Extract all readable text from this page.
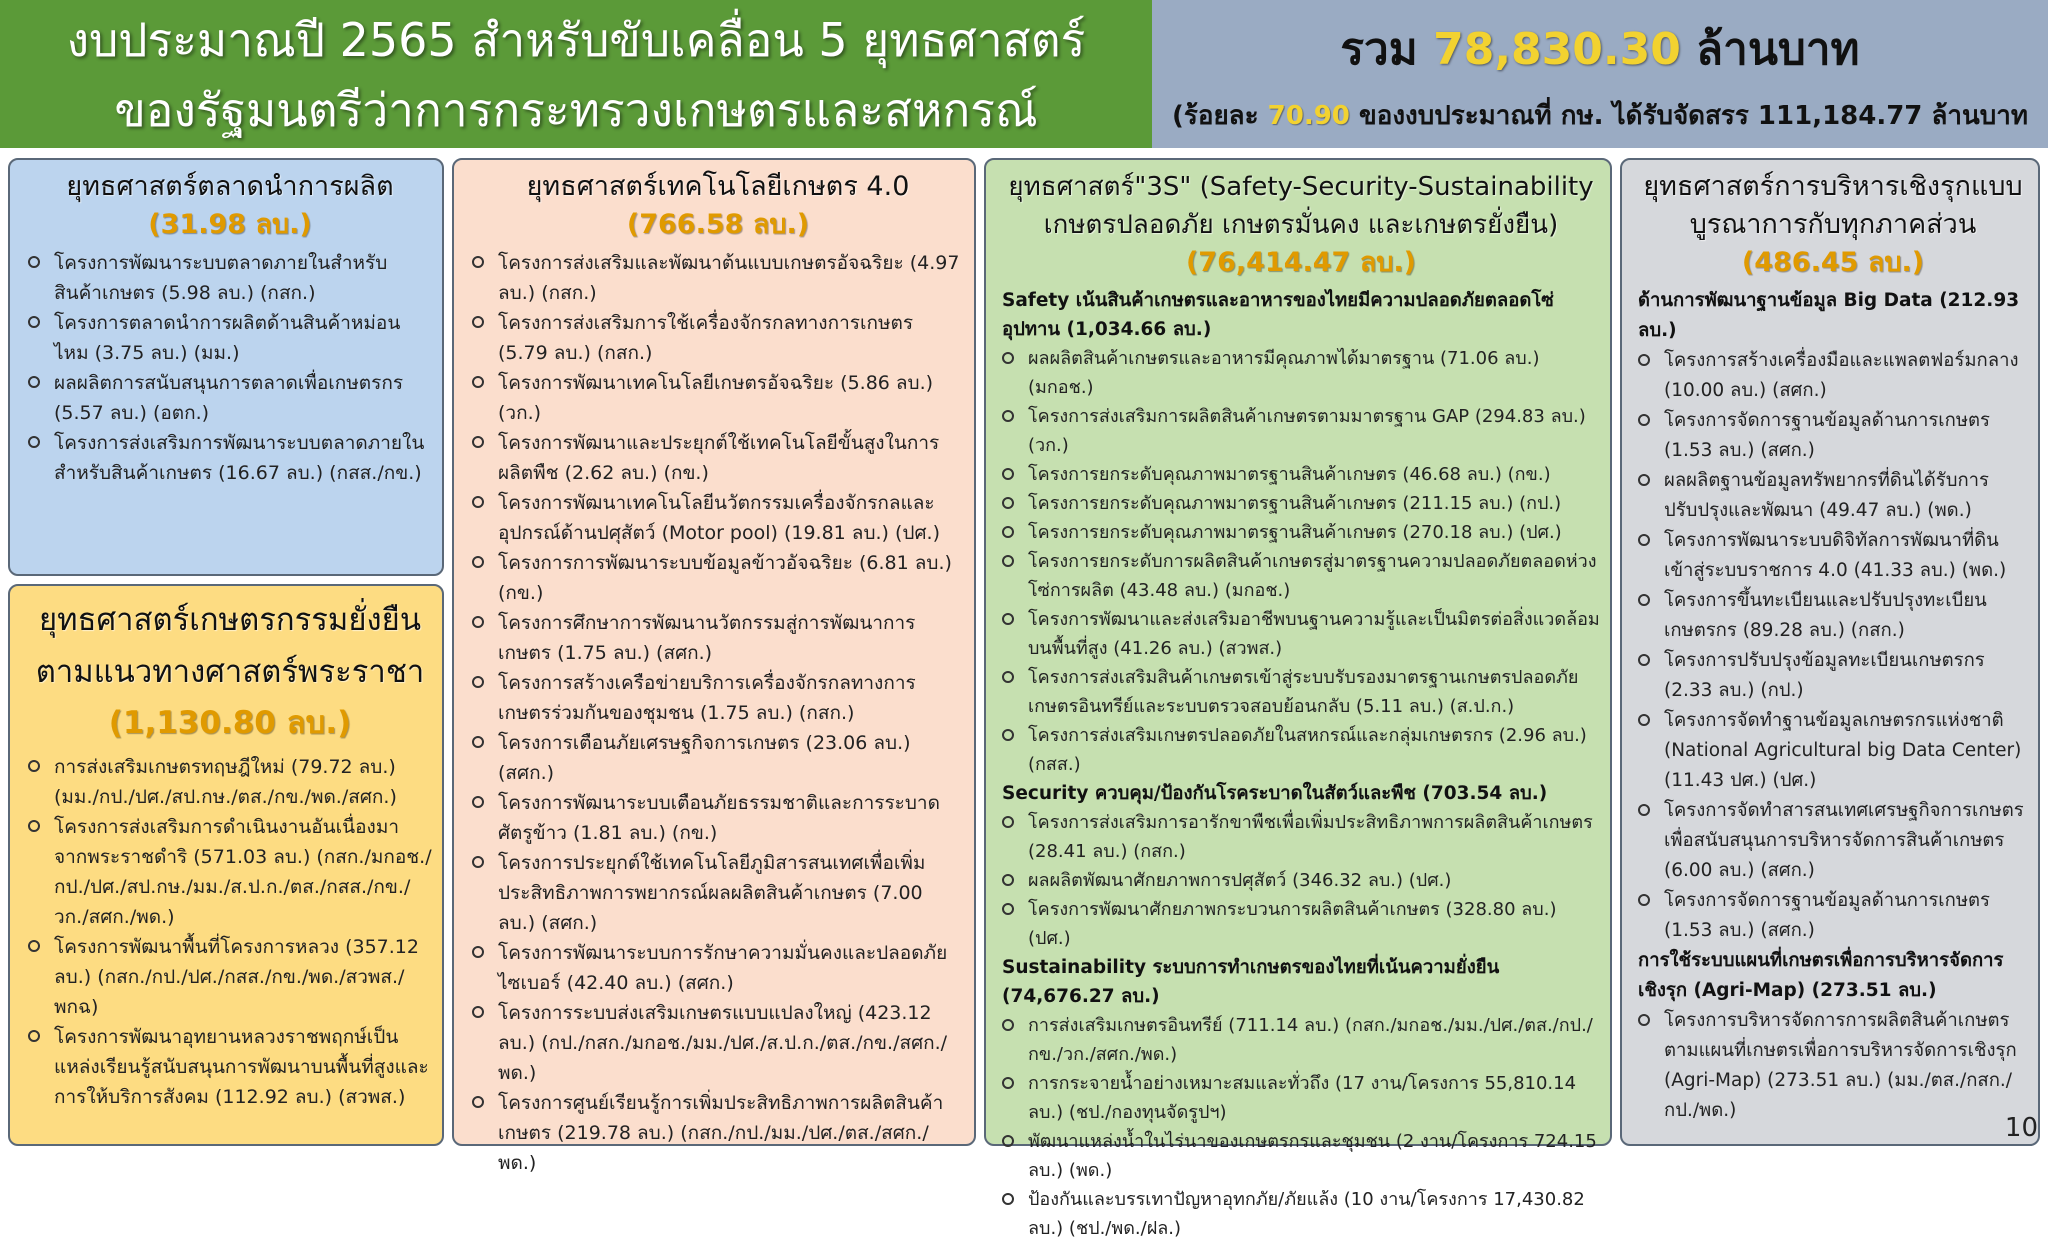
งบประมาณปี 2565 สำหรับขับเคลื่อน 5 ยุทธศาสตร์
ของรัฐมนตรีว่าการกระทรวงเกษตรและสหกรณ์
รวม 78,830.30 ล้านบาท
(ร้อยละ 70.90 ของงบประมาณที่ กษ. ได้รับจัดสรร 111,184.77 ล้านบาท
ยุทธศาสตร์ตลาดนำการผลิต
(31.98 ลบ.)
โครงการพัฒนาระบบตลาดภายในสำหรับสินค้าเกษตร (5.98 ลบ.) (กสก.)
โครงการตลาดนำการผลิตด้านสินค้าหม่อนไหม (3.75 ลบ.) (มม.)
ผลผลิตการสนับสนุนการตลาดเพื่อเกษตรกร (5.57 ลบ.) (อตก.)
โครงการส่งเสริมการพัฒนาระบบตลาดภายในสำหรับสินค้าเกษตร (16.67 ลบ.) (กสส./กข.)
ยุทธศาสตร์เกษตรกรรมยั่งยืน
ตามแนวทางศาสตร์พระราชา
(1,130.80 ลบ.)
การส่งเสริมเกษตรทฤษฎีใหม่ (79.72 ลบ.) (มม./กป./ปศ./สป.กษ./ตส./กข./พด./สศก.)
โครงการส่งเสริมการดำเนินงานอันเนื่องมาจากพระราชดำริ (571.03 ลบ.) (กสก./มกอช./กป./ปศ./สป.กษ./มม./ส.ป.ก./ตส./กสส./กข./วก./สศก./พด.)
โครงการพัฒนาพื้นที่โครงการหลวง (357.12 ลบ.) (กสก./กป./ปศ./กสส./กข./พด./สวพส./พกฉ)
โครงการพัฒนาอุทยานหลวงราชพฤกษ์เป็นแหล่งเรียนรู้สนับสนุนการพัฒนาบนพื้นที่สูงและการให้บริการสังคม (112.92 ลบ.) (สวพส.)
ยุทธศาสตร์เทคโนโลยีเกษตร 4.0
(766.58 ลบ.)
โครงการส่งเสริมและพัฒนาต้นแบบเกษตรอัจฉริยะ (4.97 ลบ.) (กสก.)
โครงการส่งเสริมการใช้เครื่องจักรกลทางการเกษตร (5.79 ลบ.) (กสก.)
โครงการพัฒนาเทคโนโลยีเกษตรอัจฉริยะ (5.86 ลบ.) (วก.)
โครงการพัฒนาและประยุกต์ใช้เทคโนโลยีขั้นสูงในการผลิตพืช (2.62 ลบ.) (กข.)
โครงการพัฒนาเทคโนโลยีนวัตกรรมเครื่องจักรกลและอุปกรณ์ด้านปศุสัตว์ (Motor pool) (19.81 ลบ.) (ปศ.)
โครงการการพัฒนาระบบข้อมูลข้าวอัจฉริยะ (6.81 ลบ.) (กข.)
โครงการศึกษาการพัฒนานวัตกรรมสู่การพัฒนาการเกษตร (1.75 ลบ.) (สศก.)
โครงการสร้างเครือข่ายบริการเครื่องจักรกลทางการเกษตรร่วมกันของชุมชน (1.75 ลบ.) (กสก.)
โครงการเตือนภัยเศรษฐกิจการเกษตร (23.06 ลบ.) (สศก.)
โครงการพัฒนาระบบเตือนภัยธรรมชาติและการระบาดศัตรูข้าว (1.81 ลบ.) (กข.)
โครงการประยุกต์ใช้เทคโนโลยีภูมิสารสนเทศเพื่อเพิ่มประสิทธิภาพการพยากรณ์ผลผลิตสินค้าเกษตร (7.00 ลบ.) (สศก.)
โครงการพัฒนาระบบการรักษาความมั่นคงและปลอดภัยไซเบอร์ (42.40 ลบ.) (สศก.)
โครงการระบบส่งเสริมเกษตรแบบแปลงใหญ่ (423.12 ลบ.) (กป./กสก./มกอช./มม./ปศ./ส.ป.ก./ตส./กข./สศก./พด.)
โครงการศูนย์เรียนรู้การเพิ่มประสิทธิภาพการผลิตสินค้าเกษตร (219.78 ลบ.) (กสก./กป./มม./ปศ./ตส./สศก./พด.)
ยุทธศาสตร์"3S" (Safety-Security-Sustainability
เกษตรปลอดภัย เกษตรมั่นคง และเกษตรยั่งยืน)
(76,414.47 ลบ.)
Safety เน้นสินค้าเกษตรและอาหารของไทยมีความปลอดภัยตลอดโซ่อุปทาน (1,034.66 ลบ.)
ผลผลิตสินค้าเกษตรและอาหารมีคุณภาพได้มาตรฐาน (71.06 ลบ.) (มกอช.)
โครงการส่งเสริมการผลิตสินค้าเกษตรตามมาตรฐาน GAP (294.83 ลบ.) (วก.)
โครงการยกระดับคุณภาพมาตรฐานสินค้าเกษตร (46.68 ลบ.) (กข.)
โครงการยกระดับคุณภาพมาตรฐานสินค้าเกษตร (211.15 ลบ.) (กป.)
โครงการยกระดับคุณภาพมาตรฐานสินค้าเกษตร (270.18 ลบ.) (ปศ.)
โครงการยกระดับการผลิตสินค้าเกษตรสู่มาตรฐานความปลอดภัยตลอดห่วงโซ่การผลิต (43.48 ลบ.) (มกอช.)
โครงการพัฒนาและส่งเสริมอาชีพบนฐานความรู้และเป็นมิตรต่อสิ่งแวดล้อมบนพื้นที่สูง (41.26 ลบ.) (สวพส.)
โครงการส่งเสริมสินค้าเกษตรเข้าสู่ระบบรับรองมาตรฐานเกษตรปลอดภัยเกษตรอินทรีย์และระบบตรวจสอบย้อนกลับ (5.11 ลบ.) (ส.ป.ก.)
โครงการส่งเสริมเกษตรปลอดภัยในสหกรณ์และกลุ่มเกษตรกร (2.96 ลบ.) (กสส.)
Security ควบคุม/ป้องกันโรคระบาดในสัตว์และพืช (703.54 ลบ.)
โครงการส่งเสริมการอารักขาพืชเพื่อเพิ่มประสิทธิภาพการผลิตสินค้าเกษตร (28.41 ลบ.) (กสก.)
ผลผลิตพัฒนาศักยภาพการปศุสัตว์ (346.32 ลบ.) (ปศ.)
โครงการพัฒนาศักยภาพกระบวนการผลิตสินค้าเกษตร (328.80 ลบ.) (ปศ.)
Sustainability ระบบการทำเกษตรของไทยที่เน้นความยั่งยืน (74,676.27 ลบ.)
การส่งเสริมเกษตรอินทรีย์ (711.14 ลบ.) (กสก./มกอช./มม./ปศ./ตส./กป./กข./วก./สศก./พด.)
การกระจายน้ำอย่างเหมาะสมและทั่วถึง (17 งาน/โครงการ 55,810.14 ลบ.) (ชป./กองทุนจัดรูปฯ)
พัฒนาแหล่งน้ำในไร่นาของเกษตรกรและชุมชน (2 งาน/โครงการ 724.15 ลบ.) (พด.)
ป้องกันและบรรเทาปัญหาอุทกภัย/ภัยแล้ง (10 งาน/โครงการ 17,430.82 ลบ.) (ชป./พด./ฝล.)
ยุทธศาสตร์การบริหารเชิงรุกแบบ
บูรณาการกับทุกภาคส่วน
(486.45 ลบ.)
ด้านการพัฒนาฐานข้อมูล Big Data (212.93 ลบ.)
โครงการสร้างเครื่องมือและแพลตฟอร์มกลาง (10.00 ลบ.) (สศก.)
โครงการจัดการฐานข้อมูลด้านการเกษตร (1.53 ลบ.) (สศก.)
ผลผลิตฐานข้อมูลทรัพยากรที่ดินได้รับการปรับปรุงและพัฒนา (49.47 ลบ.) (พด.)
โครงการพัฒนาระบบดิจิทัลการพัฒนาที่ดินเข้าสู่ระบบราชการ 4.0 (41.33 ลบ.) (พด.)
โครงการขึ้นทะเบียนและปรับปรุงทะเบียนเกษตรกร (89.28 ลบ.) (กสก.)
โครงการปรับปรุงข้อมูลทะเบียนเกษตรกร (2.33 ลบ.) (กป.)
โครงการจัดทำฐานข้อมูลเกษตรกรแห่งชาติ (National Agricultural big Data Center) (11.43 ปศ.) (ปศ.)
โครงการจัดทำสารสนเทศเศรษฐกิจการเกษตร เพื่อสนับสนุนการบริหารจัดการสินค้าเกษตร (6.00 ลบ.) (สศก.)
โครงการจัดการฐานข้อมูลด้านการเกษตร (1.53 ลบ.) (สศก.)
การใช้ระบบแผนที่เกษตรเพื่อการบริหารจัดการเชิงรุก (Agri-Map) (273.51 ลบ.)
โครงการบริหารจัดการการผลิตสินค้าเกษตรตามแผนที่เกษตรเพื่อการบริหารจัดการเชิงรุก (Agri-Map) (273.51 ลบ.) (มม./ตส./กสก./กป./พด.)
10
